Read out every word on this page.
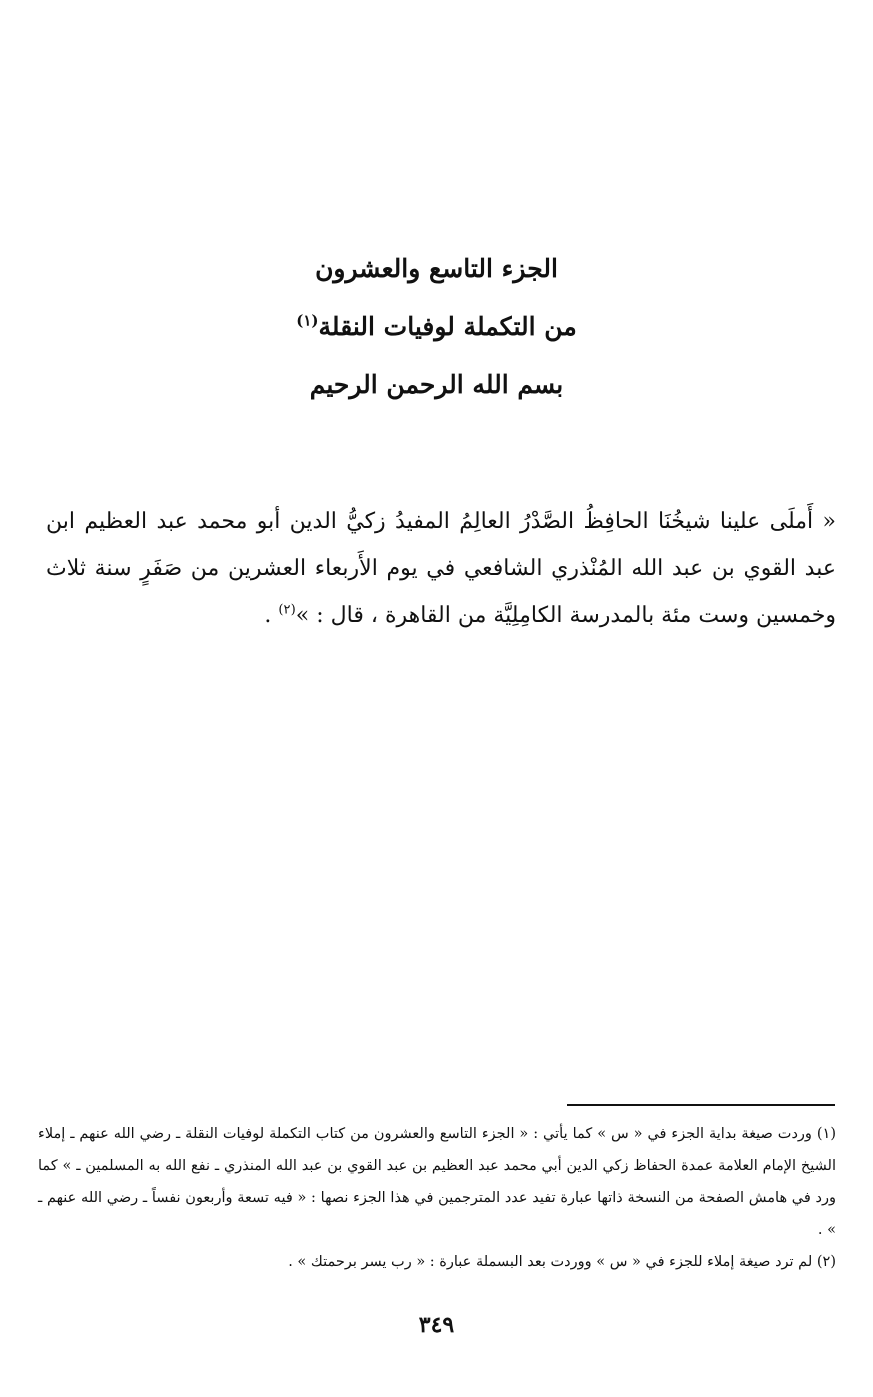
الجزء التاسع والعشرون
من التكملة لوفيات النقلة$^{(١)}$
بسم الله الرحمن الرحيم
« أَملَى علينا شيخُنَا الحافِظُ الصَّدْرُ العالِمُ المفيدُ زكيُّ الدين أبو محمد عبد العظيم ابن عبد القوي بن عبد الله المُنْذري الشافعي في يوم الأَربعاء العشرين من صَفَرٍ سنة ثلاث وخمسين وست مئة بالمدرسة الكامِلِيَّة من القاهرة ، قال : »$^{(٢)}$ .

(١) وردت صيغة بداية الجزء في « س » كما يأتي : « الجزء التاسع والعشرون من كتاب التكملة لوفيات النقلة ـ رضي الله عنهم ـ إملاء الشيخ الإمام العلامة عمدة الحفاظ زكي الدين أبي محمد عبد العظيم بن عبد القوي بن عبد الله المنذري ـ نفع الله به المسلمين ـ » كما ورد في هامش الصفحة من النسخة ذاتها عبارة تفيد عدد المترجمين في هذا الجزء نصها : « فيه تسعة وأربعون نفساً ـ رضي الله عنهم ـ » .

(٢) لم ترد صيغة إملاء للجزء في « س » ووردت بعد البسملة عبارة : « رب يسر برحمتك » .

٣٤٩
